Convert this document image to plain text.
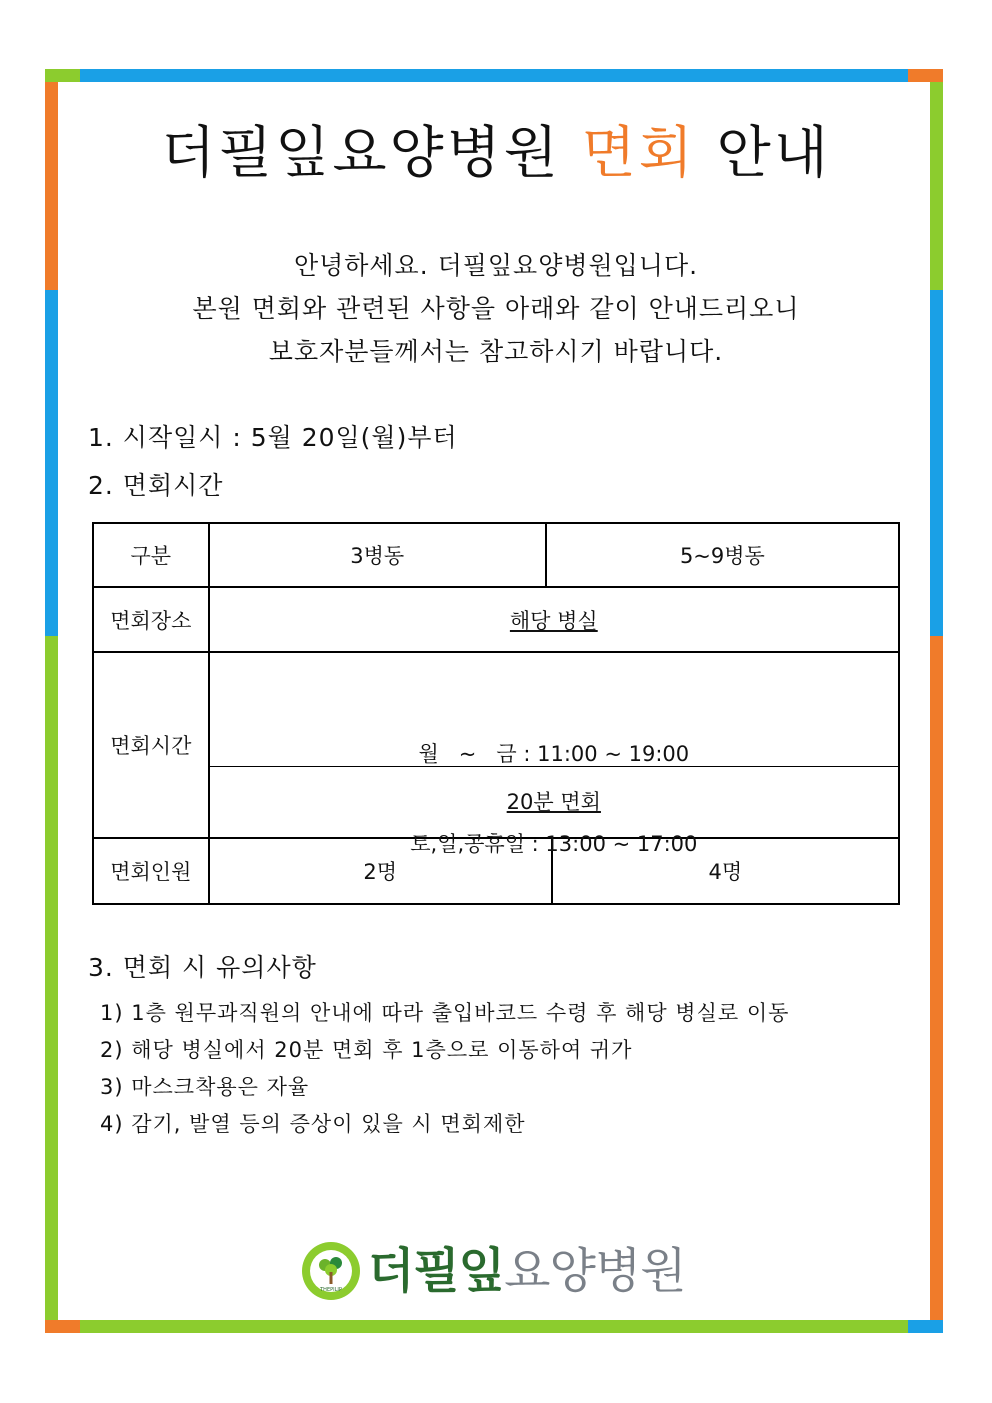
더필잎요양병원 면회 안내
안녕하세요. 더필잎요양병원입니다.
본원 면회와 관련된 사항을 아래와 같이 안내드리오니
보호자분들께서는 참고하시기 바랍니다.
1. 시작일시 : 5월 20일(월)부터
2. 면회시간
구분	3병동	5~9병동	
면회장소	해당 병실		
면회시간	월   ~   금 : 11:00 ~ 19:00

토,일,공휴일 : 13:00 ~ 17:00

20분 면회		

면회인원	2명		4명
3. 면회 시 유의사항
1) 1층 원무과직원의 안내에 따라 출입바코드 수령 후 해당 병실로 이동
2) 해당 병실에서 20분 면회 후 1층으로 이동하여 귀가
3) 마스크착용은 자율
4) 감기, 발열 등의 증상이 있을 시 면회제한
THEPILIP 더필잎요양병원
